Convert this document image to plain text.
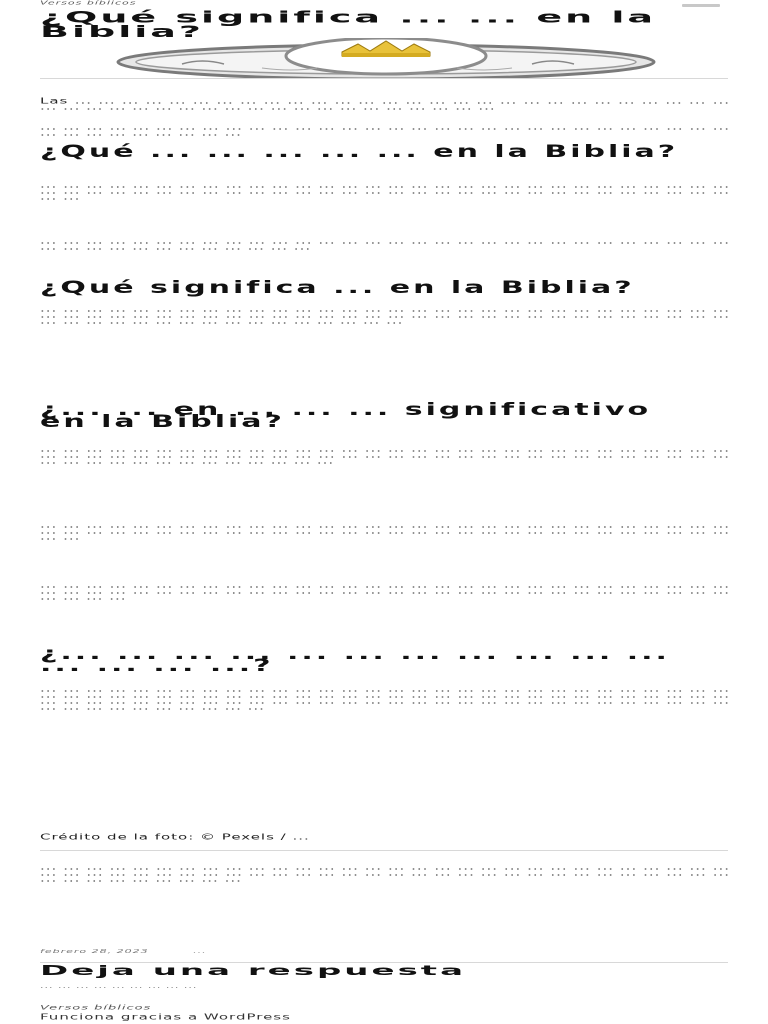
Versos bíblicos
¿Qué significa ... ... en la Biblia?

Las ... ... ... ... ... ... ... ... ... ... ... ... ... ... ... ... ... ... ... ... ... ... ... ... ... ... ... ... ... ... ... ... ... ... ... ... ... ... ... ... ... ... ... ... ... ... ... ...

... ... ... ... ... ... ... ... ... ... ... ... ... ... ... ... ... ... ... ... ... ... ... ... ... ... ... ... ... ... ... ... ... ... ... ... ... ... ...

¿Qué ... ... ... ... ... en la Biblia?

... ... ... ... ... ... ... ... ... ... ... ... ... ... ... ... ... ... ... ... ... ... ... ... ... ... ... ... ... ... ... ... ... ... ... ... ... ... ... ... ... ... ... ... ... ... ... ... ... ... ... ... ... ... ... ... ... ... ... ... ... ...

... ... ... ... ... ... ... ... ... ... ... ... ... ... ... ... ... ... ... ... ... ... ... ... ... ... ... ... ... ... ... ... ... ... ... ... ... ... ... ... ... ...

¿Qué significa ... en la Biblia?

... ... ... ... ... ... ... ... ... ... ... ... ... ... ... ... ... ... ... ... ... ... ... ... ... ... ... ... ... ... ... ... ... ... ... ... ... ... ... ... ... ... ... ... ... ... ... ... ... ... ... ... ... ... ... ... ... ... ... ... ... ... ... ... ... ... ... ... ... ... ... ... ... ... ... ...

¿... ... en ... ... ... significativo en la Biblia?

... ... ... ... ... ... ... ... ... ... ... ... ... ... ... ... ... ... ... ... ... ... ... ... ... ... ... ... ... ... ... ... ... ... ... ... ... ... ... ... ... ... ... ... ... ... ... ... ... ... ... ... ... ... ... ... ... ... ... ... ... ... ... ... ... ... ... ... ... ... ... ... ...

... ... ... ... ... ... ... ... ... ... ... ... ... ... ... ... ... ... ... ... ... ... ... ... ... ... ... ... ... ... ... ... ... ... ... ... ... ... ... ... ... ... ... ... ... ... ... ... ... ... ... ... ... ... ... ... ... ... ... ... ... ...

... ... ... ... ... ... ... ... ... ... ... ... ... ... ... ... ... ... ... ... ... ... ... ... ... ... ... ... ... ... ... ... ... ... ... ... ... ... ... ... ... ... ... ... ... ... ... ... ... ... ... ... ... ... ... ... ... ... ... ... ... ... ... ...

¿... ... ... ... ... ... ... ... ... ... ... ... ... ... ...?

... ... ... ... ... ... ... ... ... ... ... ... ... ... ... ... ... ... ... ... ... ... ... ... ... ... ... ... ... ... ... ... ... ... ... ... ... ... ... ... ... ... ... ... ... ... ... ... ... ... ... ... ... ... ... ... ... ... ... ... ... ... ... ... ... ... ... ... ... ... ... ... ... ... ... ... ... ... ... ... ... ... ... ... ... ... ... ... ... ... ... ... ... ... ... ... ... ... ... ...

Crédito de la foto: © Pexels / ...

... ... ... ... ... ... ... ... ... ... ... ... ... ... ... ... ... ... ... ... ... ... ... ... ... ... ... ... ... ... ... ... ... ... ... ... ... ... ... ... ... ... ... ... ... ... ... ... ... ... ... ... ... ... ... ... ... ... ... ... ... ... ... ... ... ... ... ... ...

febrero 28, 2023	...
Deja una respuesta
... ... ... ... ... ... ... ... ...
Versos bíblicos
Funciona gracias a WordPress
